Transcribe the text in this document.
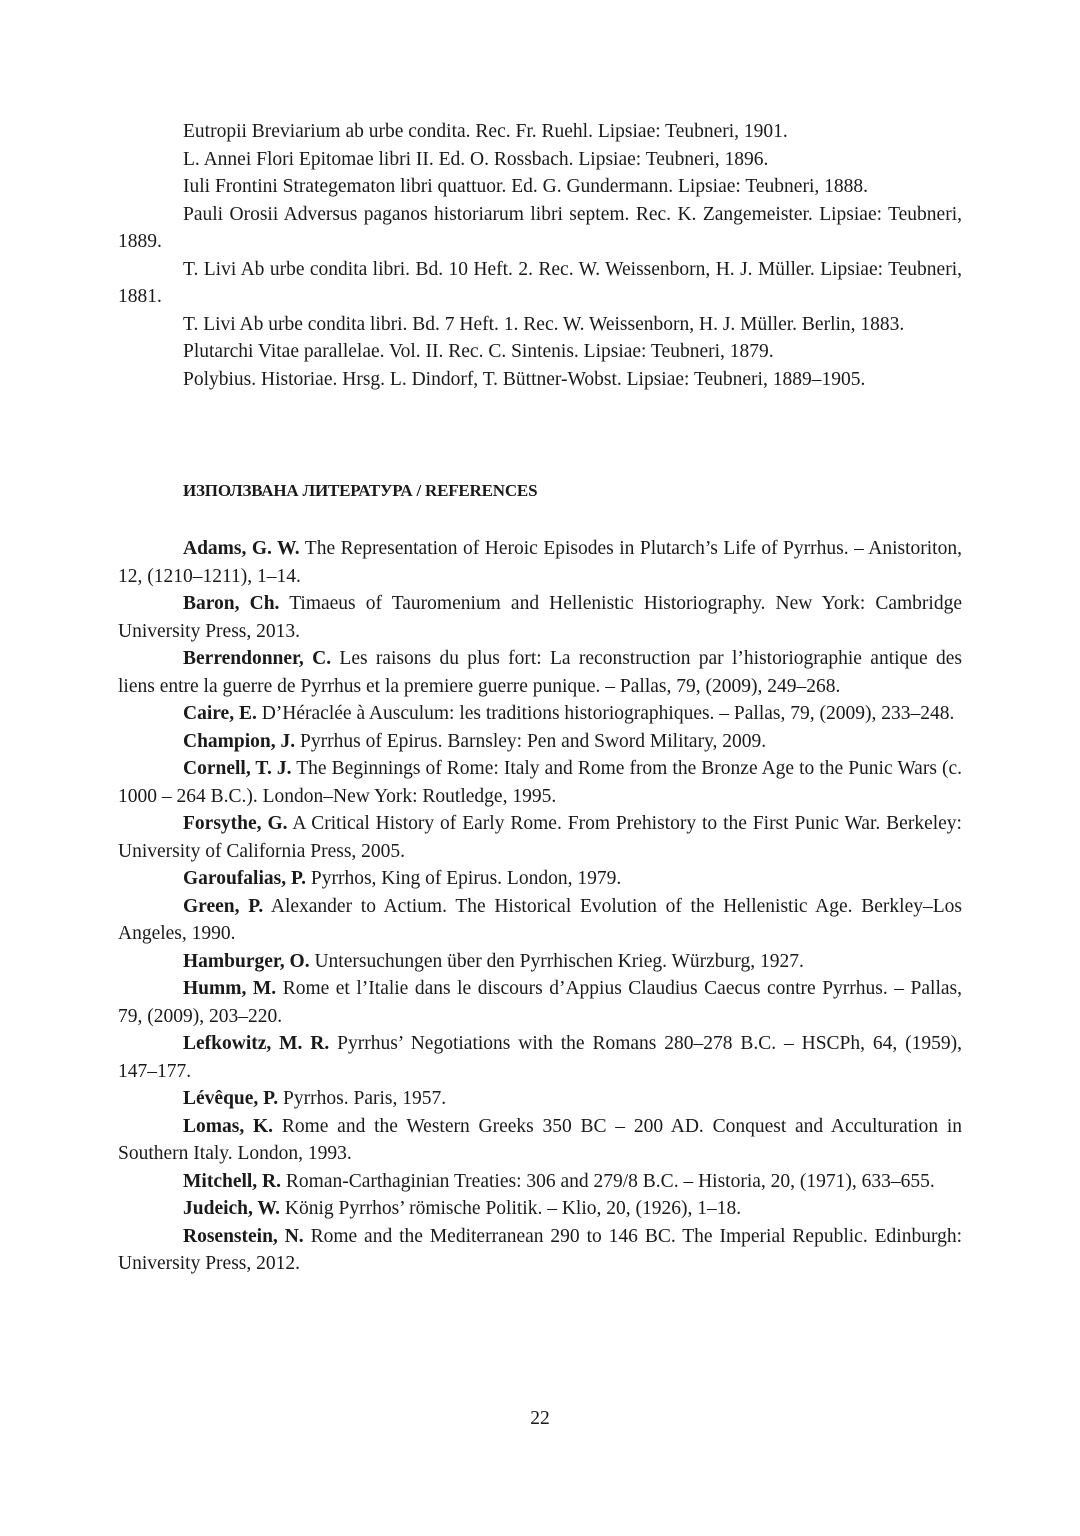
Eutropii Breviarium ab urbe condita. Rec. Fr. Ruehl. Lipsiae: Teubneri, 1901.

L. Annei Flori Epitomae libri II. Ed. O. Rossbach. Lipsiae: Teubneri, 1896.

Iuli Frontini Strategematon libri quattuor. Ed. G. Gundermann. Lipsiae: Teubneri, 1888.

Pauli Orosii Adversus paganos historiarum libri septem. Rec. K. Zangemeister. Lipsiae: Teubneri, 1889.

T. Livi Ab urbe condita libri. Bd. 10 Heft. 2. Rec. W. Weissenborn, H. J. Müller. Lipsiae: Teubneri, 1881.

T. Livi Ab urbe condita libri. Bd. 7 Heft. 1. Rec. W. Weissenborn, H. J. Müller. Berlin, 1883.

Plutarchi Vitae parallelae. Vol. II. Rec. C. Sintenis. Lipsiae: Teubneri, 1879.

Polybius. Historiae. Hrsg. L. Dindorf, T. Büttner-Wobst. Lipsiae: Teubneri, 1889–1905.

ИЗПОЛЗВАНА ЛИТЕРАТУРА / REFERENCES

Adams, G. W. The Representation of Heroic Episodes in Plutarch’s Life of Pyrrhus. – Anistoriton, 12, (1210–1211), 1–14.

Baron, Ch. Timaeus of Tauromenium and Hellenistic Historiography. New York: Cambridge University Press, 2013.

Berrendonner, C. Les raisons du plus fort: La reconstruction par l’historiographie antique des liens entre la guerre de Pyrrhus et la premiere guerre punique. – Pallas, 79, (2009), 249–268.

Caire, E. D’Héraclée à Ausculum: les traditions historiographiques. – Pallas, 79, (2009), 233–248.

Champion, J. Pyrrhus of Epirus. Barnsley: Pen and Sword Military, 2009.

Cornell, T. J. The Beginnings of Rome: Italy and Rome from the Bronze Age to the Punic Wars (c. 1000 – 264 B.C.). London–New York: Routledge, 1995.

Forsythe, G. A Critical History of Early Rome. From Prehistory to the First Punic War. Berkeley: University of California Press, 2005.

Garoufalias, P. Pyrrhos, King of Epirus. London, 1979.

Green, P. Alexander to Actium. The Historical Evolution of the Hellenistic Age. Berkley–Los Angeles, 1990.

Hamburger, O. Untersuchungen über den Pyrrhischen Krieg. Würzburg, 1927.

Humm, M. Rome et l’Italie dans le discours d’Appius Claudius Caecus contre Pyrrhus. – Pallas, 79, (2009), 203–220.

Lefkowitz, M. R. Pyrrhus’ Negotiations with the Romans 280–278 B.C. – HSCPh, 64, (1959), 147–177.

Lévêque, P. Pyrrhos. Paris, 1957.

Lomas, K. Rome and the Western Greeks 350 BC – 200 AD. Conquest and Acculturation in Southern Italy. London, 1993.

Mitchell, R. Roman-Carthaginian Treaties: 306 and 279/8 B.C. – Historia, 20, (1971), 633–655.

Judeich, W. König Pyrrhos’ römische Politik. – Klio, 20, (1926), 1–18.

Rosenstein, N. Rome and the Mediterranean 290 to 146 BC. The Imperial Republic. Edinburgh: University Press, 2012.

22
